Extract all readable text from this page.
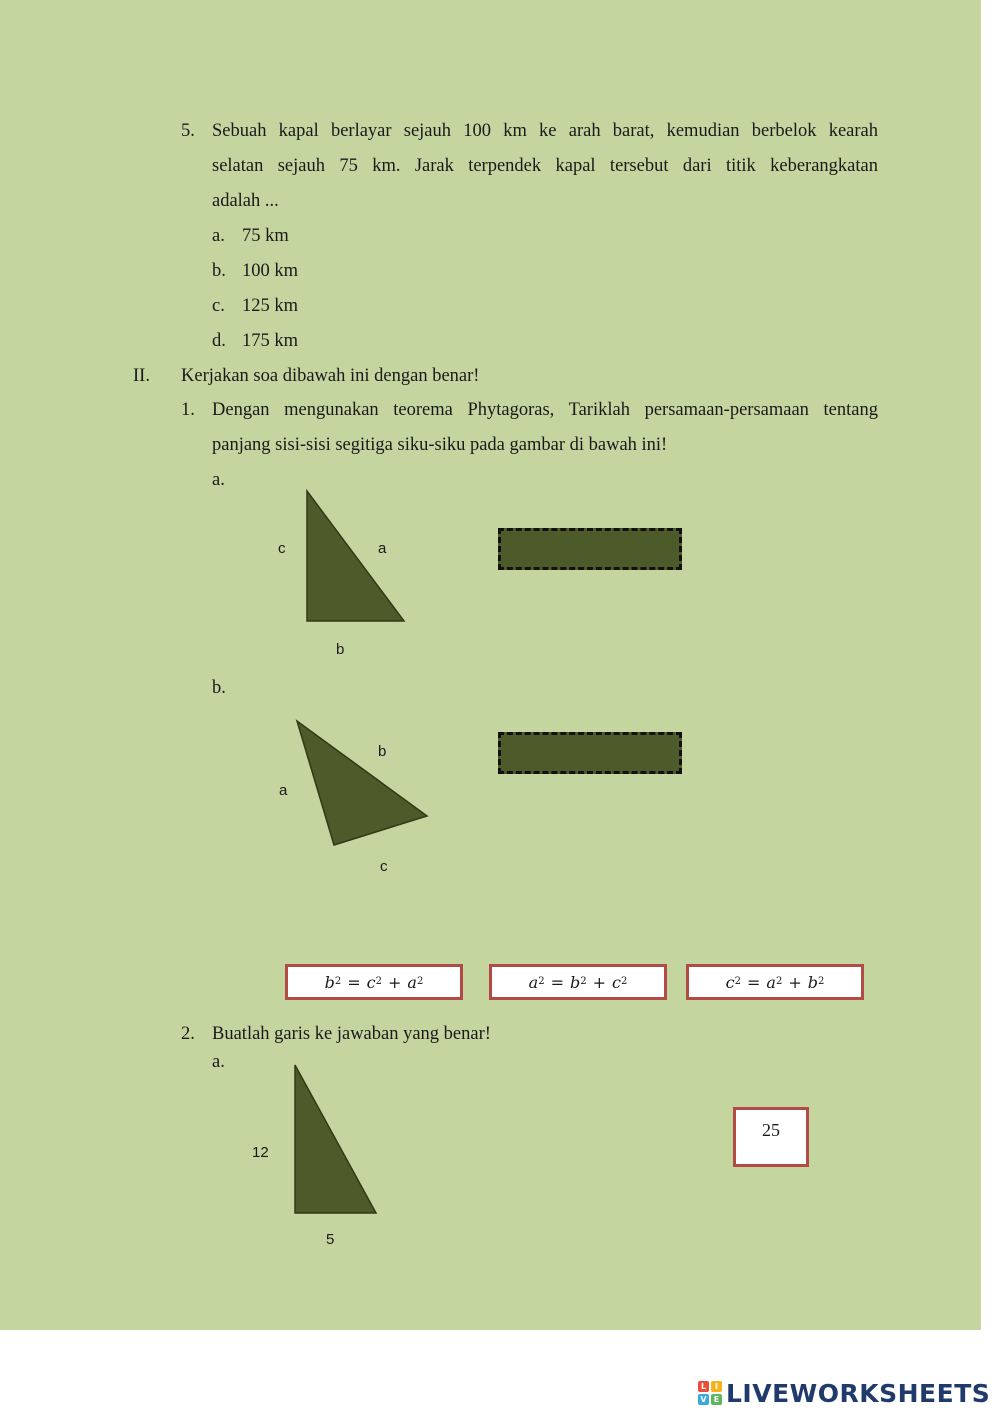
5. Sebuah kapal berlayar sejauh 100 km ke arah barat, kemudian berbelok kearah
selatan sejauh 75 km. Jarak terpendek kapal tersebut dari titik keberangkatan
adalah ...
a. 75 km
b. 100 km
c. 125 km
d. 175 km
II. Kerjakan soa dibawah ini dengan benar!
1. Dengan mengunakan teorema Phytagoras, Tariklah persamaan-persamaan tentang
panjang sisi-sisi segitiga siku-siku pada gambar di bawah ini!
a.
c	a
b
b.
b
a
c
b 2 = c 2 + a 2	a 2 = b 2 + c 2	c 2 = a 2 + b 2
2. Buatlah garis ke jawaban yang benar!
a.
12
5
25
L	I
V E LIVEWORKSHEETS
